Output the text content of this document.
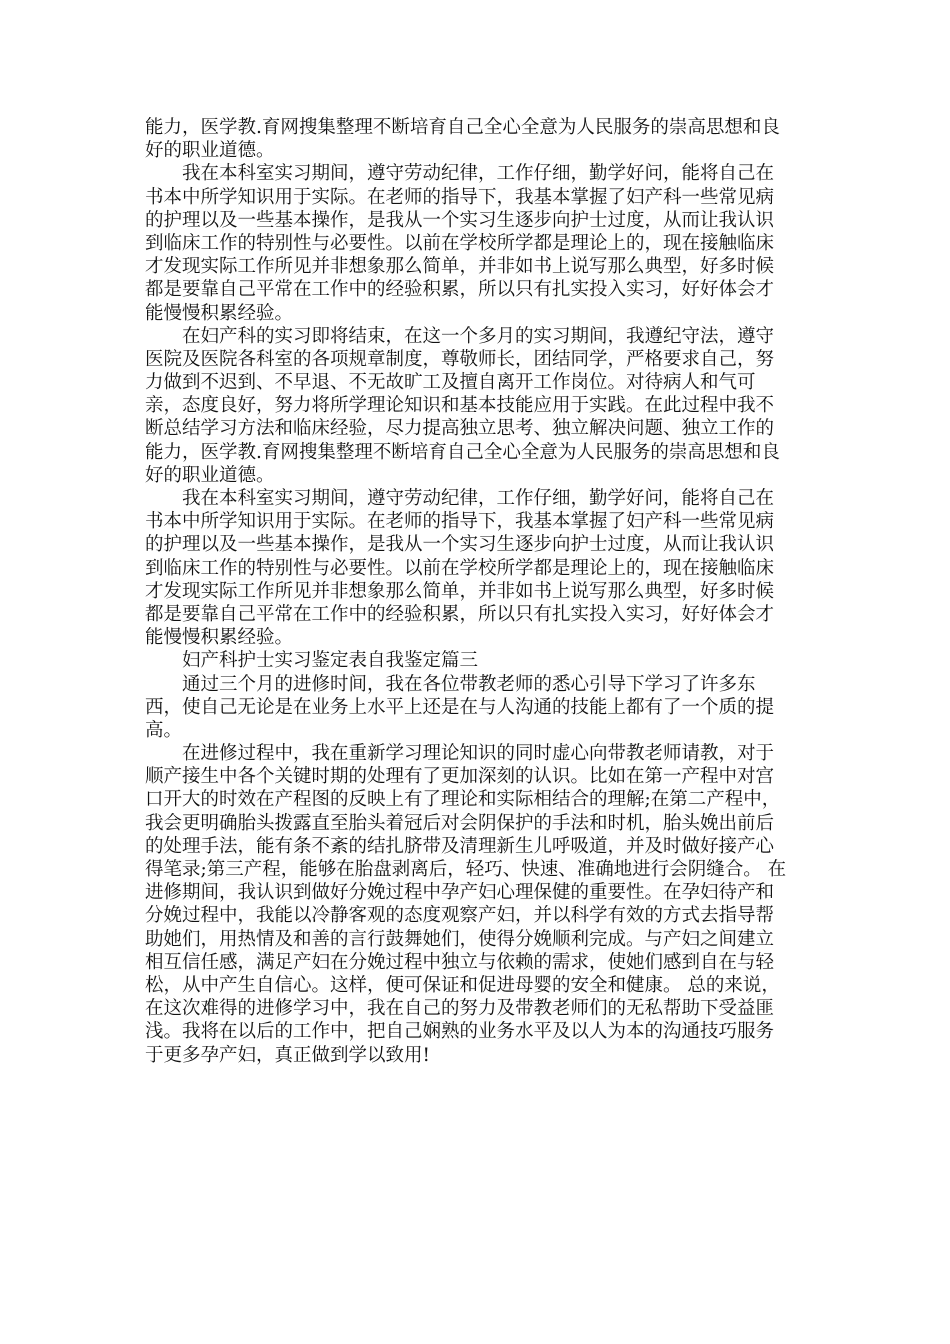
能力，医学教.育网搜集整理不断培育自己全心全意为人民服务的崇高思想和良
好的职业道德。
我在本科室实习期间，遵守劳动纪律，工作仔细，勤学好问，能将自己在
书本中所学知识用于实际。在老师的指导下，我基本掌握了妇产科一些常见病
的护理以及一些基本操作，是我从一个实习生逐步向护士过度，从而让我认识
到临床工作的特别性与必要性。以前在学校所学都是理论上的，现在接触临床
才发现实际工作所见并非想象那么简单，并非如书上说写那么典型，好多时候
都是要靠自己平常在工作中的经验积累，所以只有扎实投入实习，好好体会才
能慢慢积累经验。
在妇产科的实习即将结束，在这一个多月的实习期间，我遵纪守法，遵守
医院及医院各科室的各项规章制度，尊敬师长，团结同学，严格要求自己，努
力做到不迟到、不早退、不无故旷工及擅自离开工作岗位。对待病人和气可
亲，态度良好，努力将所学理论知识和基本技能应用于实践。在此过程中我不
断总结学习方法和临床经验，尽力提高独立思考、独立解决问题、独立工作的
能力，医学教.育网搜集整理不断培育自己全心全意为人民服务的崇高思想和良
好的职业道德。
我在本科室实习期间，遵守劳动纪律，工作仔细，勤学好问，能将自己在
书本中所学知识用于实际。在老师的指导下，我基本掌握了妇产科一些常见病
的护理以及一些基本操作，是我从一个实习生逐步向护士过度，从而让我认识
到临床工作的特别性与必要性。以前在学校所学都是理论上的，现在接触临床
才发现实际工作所见并非想象那么简单，并非如书上说写那么典型，好多时候
都是要靠自己平常在工作中的经验积累，所以只有扎实投入实习，好好体会才
能慢慢积累经验。
妇产科护士实习鉴定表自我鉴定篇三
通过三个月的进修时间，我在各位带教老师的悉心引导下学习了许多东
西，使自己无论是在业务上水平上还是在与人沟通的技能上都有了一个质的提
高。
在进修过程中，我在重新学习理论知识的同时虚心向带教老师请教，对于
顺产接生中各个关键时期的处理有了更加深刻的认识。比如在第一产程中对宫
口开大的时效在产程图的反映上有了理论和实际相结合的理解;在第二产程中，
我会更明确胎头拨露直至胎头着冠后对会阴保护的手法和时机，胎头娩出前后
的处理手法，能有条不紊的结扎脐带及清理新生儿呼吸道，并及时做好接产心
得笔录;第三产程，能够在胎盘剥离后，轻巧、快速、准确地进行会阴缝合。 在
进修期间，我认识到做好分娩过程中孕产妇心理保健的重要性。在孕妇待产和
分娩过程中，我能以冷静客观的态度观察产妇，并以科学有效的方式去指导帮
助她们，用热情及和善的言行鼓舞她们，使得分娩顺利完成。与产妇之间建立
相互信任感，满足产妇在分娩过程中独立与依赖的需求，使她们感到自在与轻
松，从中产生自信心。这样，便可保证和促进母婴的安全和健康。 总的来说，
在这次难得的进修学习中，我在自己的努力及带教老师们的无私帮助下受益匪
浅。我将在以后的工作中，把自己娴熟的业务水平及以人为本的沟通技巧服务
于更多孕产妇，真正做到学以致用!
